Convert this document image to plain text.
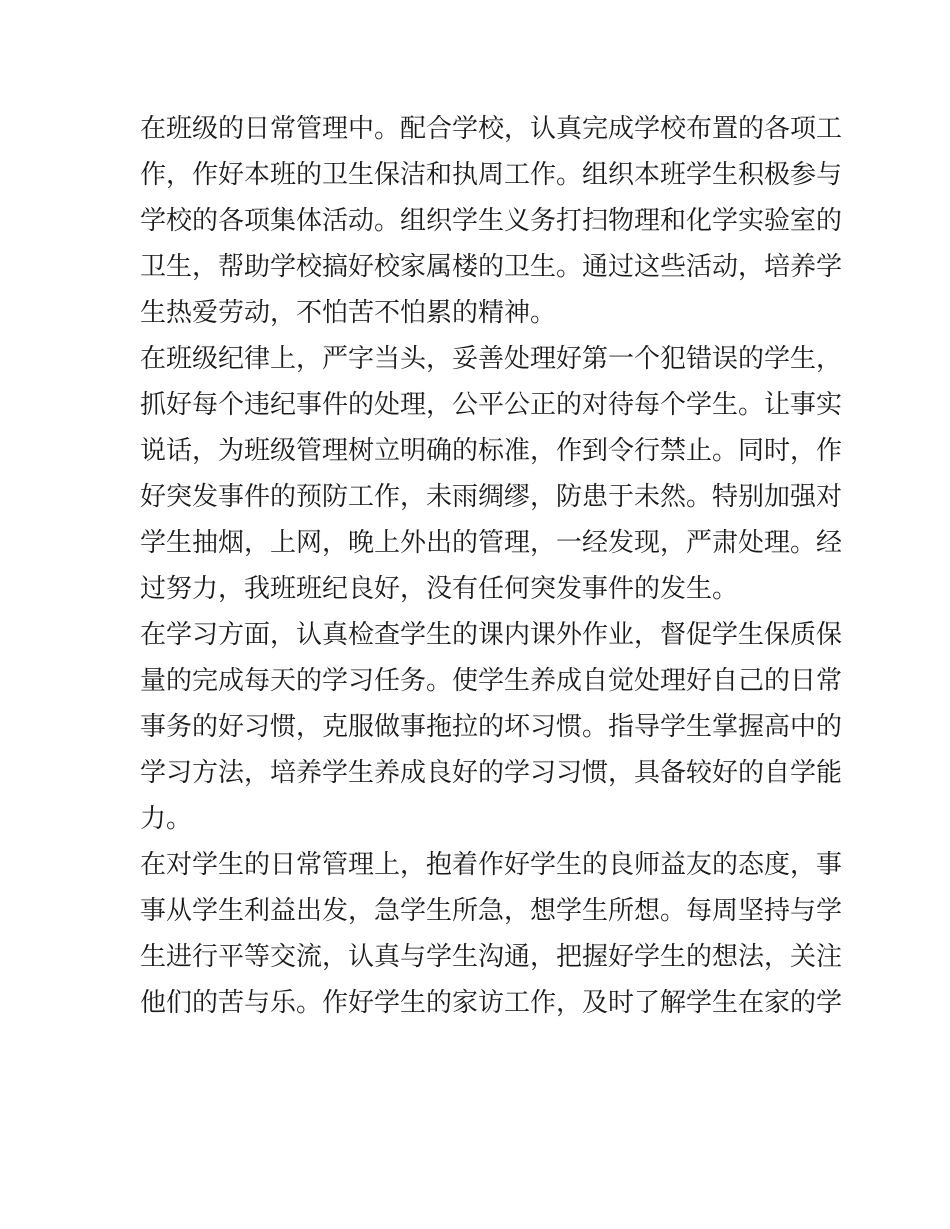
在班级的日常管理中。配合学校，认真完成学校布置的各项工
作，作好本班的卫生保洁和执周工作。组织本班学生积极参与
学校的各项集体活动。组织学生义务打扫物理和化学实验室的
卫生，帮助学校搞好校家属楼的卫生。通过这些活动，培养学
生热爱劳动，不怕苦不怕累的精神。
在班级纪律上，严字当头，妥善处理好第一个犯错误的学生，
抓好每个违纪事件的处理，公平公正的对待每个学生。让事实
说话，为班级管理树立明确的标准，作到令行禁止。同时，作
好突发事件的预防工作，未雨绸缪，防患于未然。特别加强对
学生抽烟，上网，晚上外出的管理，一经发现，严肃处理。经
过努力，我班班纪良好，没有任何突发事件的发生。
在学习方面，认真检查学生的课内课外作业，督促学生保质保
量的完成每天的学习任务。使学生养成自觉处理好自己的日常
事务的好习惯，克服做事拖拉的坏习惯。指导学生掌握高中的
学习方法，培养学生养成良好的学习习惯，具备较好的自学能
力。
在对学生的日常管理上，抱着作好学生的良师益友的态度，事
事从学生利益出发，急学生所急，想学生所想。每周坚持与学
生进行平等交流，认真与学生沟通，把握好学生的想法，关注
他们的苦与乐。作好学生的家访工作，及时了解学生在家的学
